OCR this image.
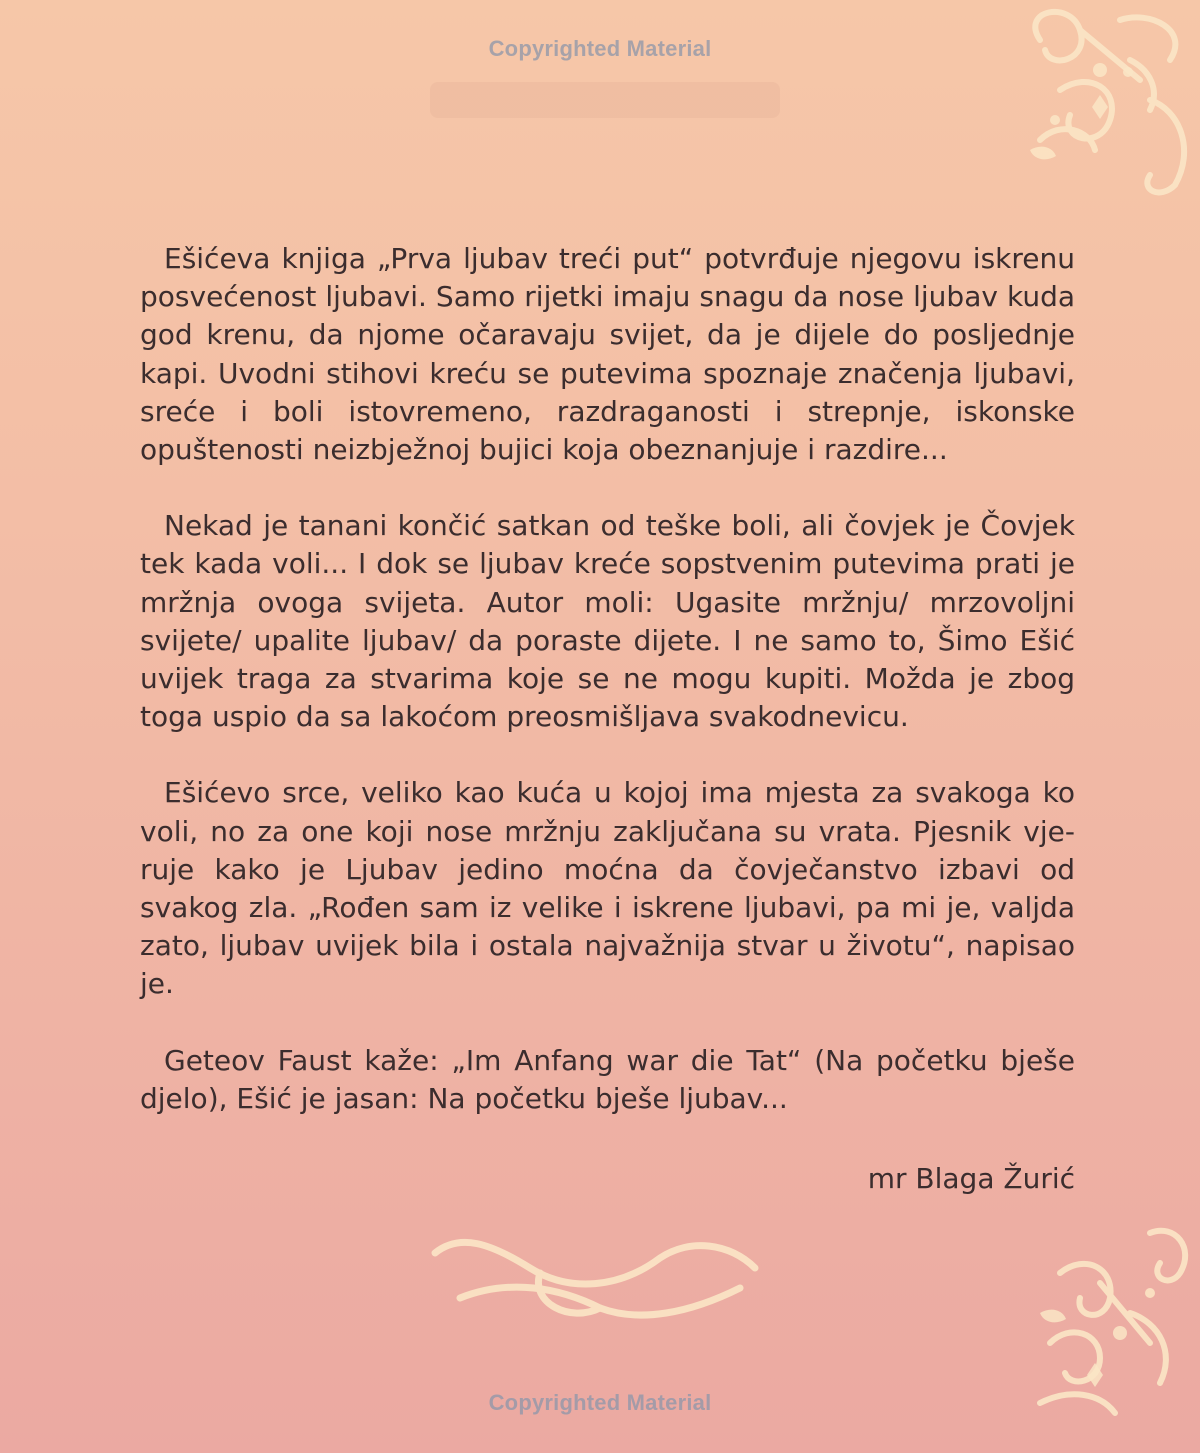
Copyrighted Material

Ešićeva knjiga „Prva ljubav treći put“ potvrđuje njegovu iskrenu posvećenost ljubavi. Samo rijetki imaju snagu da nose ljubav kuda god krenu, da njome očaravaju svijet, da je dijele do posljednje kapi. Uvodni stihovi kreću se putevima spoznaje značenja ljubavi, sreće i boli istovremeno, razdraganosti i strepnje, iskonske opuštenosti neizbježnoj bujici koja obeznanjuje i razdire...

Nekad je tanani končić satkan od teške boli, ali čovjek je Čovjek tek kada voli... I dok se ljubav kreće sopstvenim putevima prati je mržnja ovoga svijeta. Autor moli: Ugasite mržnju/ mrzovoljni svijete/ upalite ljubav/ da poraste dijete. I ne samo to, Šimo Ešić uvijek traga za stvarima koje se ne mogu kupiti. Možda je zbog toga uspio da sa lakoćom preosmišljava svakodnevicu.

Ešićevo srce, veliko kao kuća u kojoj ima mjesta za svakoga ko voli, no za one koji nose mržnju zaključana su vrata. Pjesnik vjeruje kako je Ljubav jedino moćna da čovječanstvo izbavi od svakog zla. „Rođen sam iz velike i iskrene ljubavi, pa mi je, valjda zato, ljubav uvijek bila i ostala najvažnija stvar u životu“, napisao je.

Geteov Faust kaže: „Im Anfang war die Tat“ (Na početku bješe djelo), Ešić je jasan: Na početku bješe ljubav...

mr Blaga Žurić

Copyrighted Material
